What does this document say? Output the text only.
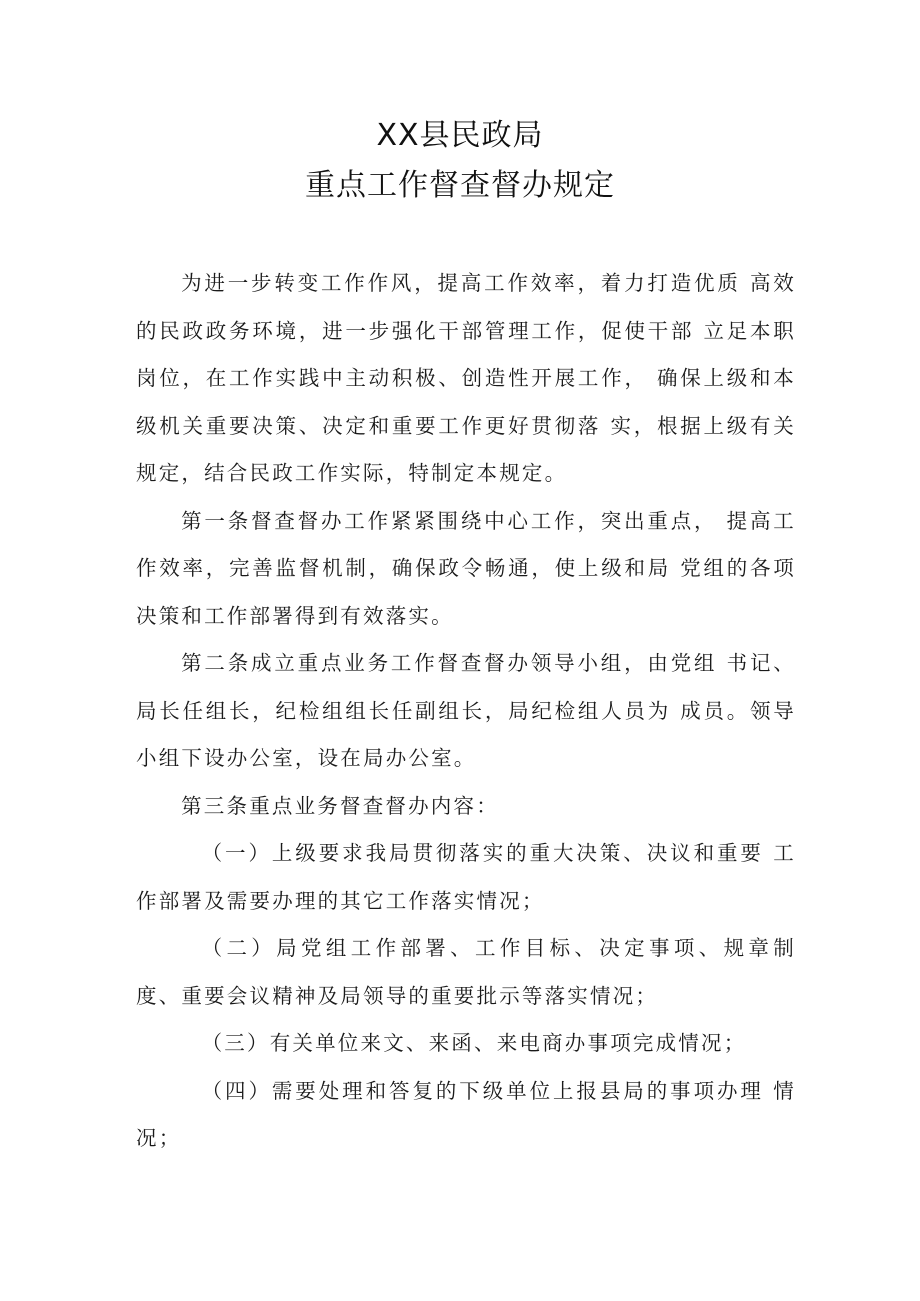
XX县民政局
重点工作督查督办规定

为进一步转变工作作风，提高工作效率，着力打造优质 高效的民政政务环境，进一步强化干部管理工作，促使干部 立足本职岗位，在工作实践中主动积极、创造性开展工作， 确保上级和本级机关重要决策、决定和重要工作更好贯彻落 实，根据上级有关规定，结合民政工作实际，特制定本规定。

第一条督查督办工作紧紧围绕中心工作，突出重点， 提高工作效率，完善监督机制，确保政令畅通，使上级和局 党组的各项决策和工作部署得到有效落实。

第二条成立重点业务工作督查督办领导小组，由党组 书记、局长任组长，纪检组组长任副组长，局纪检组人员为 成员。领导小组下设办公室，设在局办公室。

第三条重点业务督查督办内容：

（一）上级要求我局贯彻落实的重大决策、决议和重要 工作部署及需要办理的其它工作落实情况；

（二）局党组工作部署、工作目标、决定事项、规章制 度、重要会议精神及局领导的重要批示等落实情况；

（三）有关单位来文、来函、来电商办事项完成情况；

（四）需要处理和答复的下级单位上报县局的事项办理 情况；
